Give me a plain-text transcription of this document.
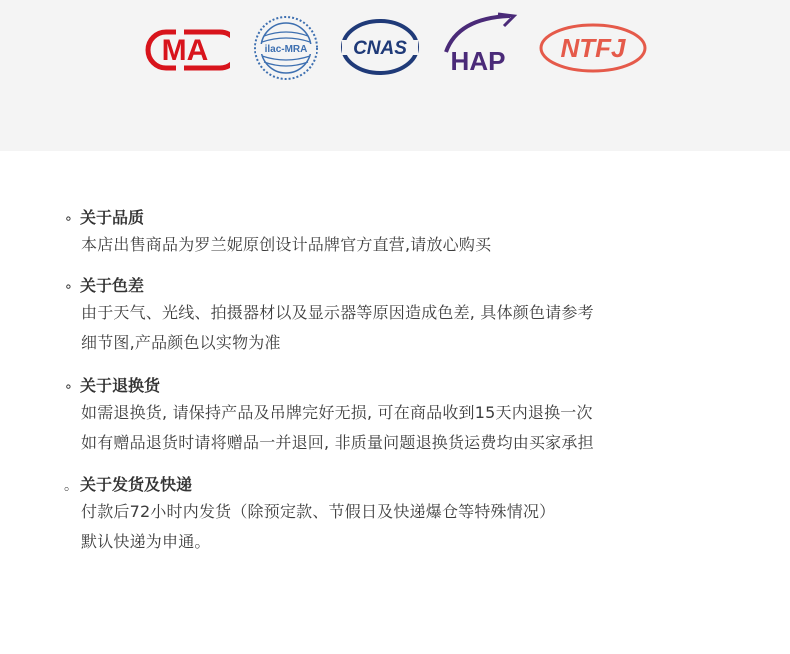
MA	ilac-MRA CNAS HAP NTFJ
∘ 关于品质
本店出售商品为罗兰妮原创设计品牌官方直营,请放心购买
∘ 关于色差
由于天气、光线、拍摄器材以及显示器等原因造成色差, 具体颜色请参考
细节图,产品颜色以实物为准
∘ 关于退换货
如需退换货, 请保持产品及吊牌完好无损, 可在商品收到15天内退换一次
如有赠品退货时请将赠品一并退回, 非质量问题退换货运费均由买家承担
。 关于发货及快递
付款后72小时内发货（除预定款、节假日及快递爆仓等特殊情况）
默认快递为申通。
